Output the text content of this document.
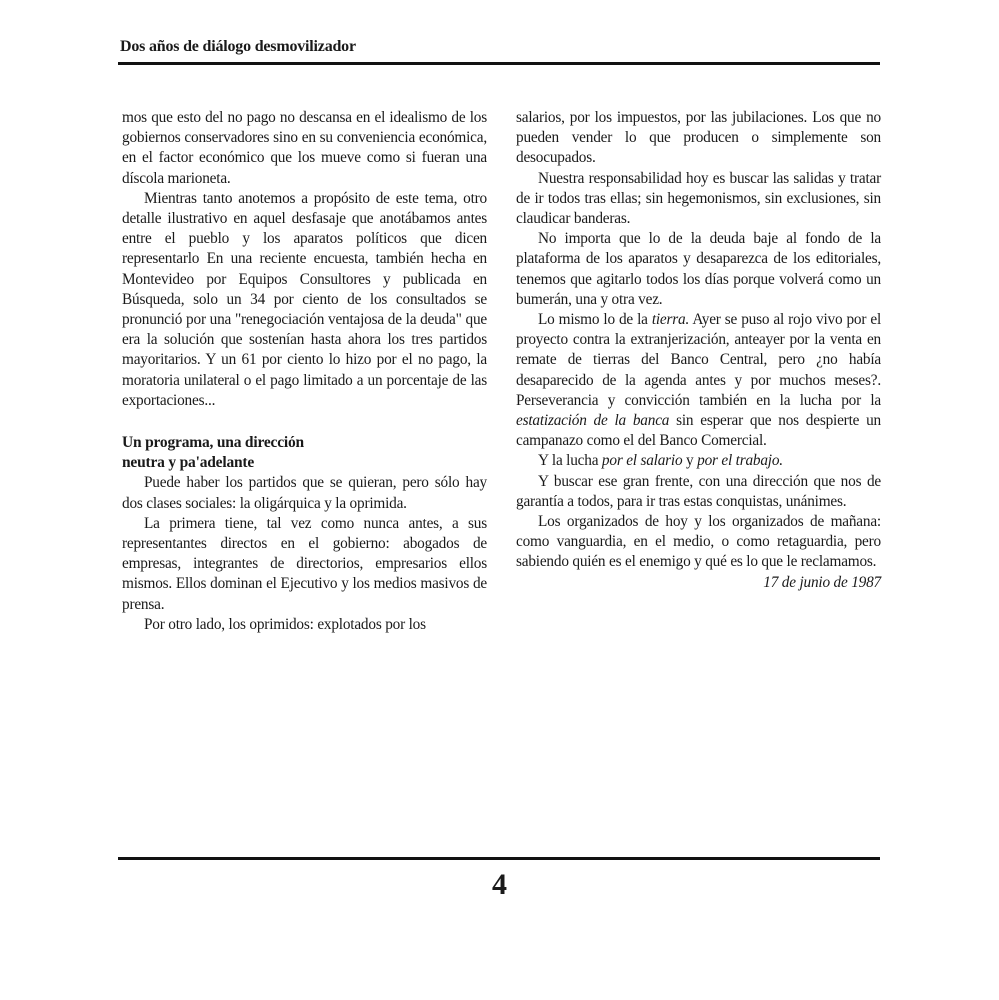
Dos años de diálogo desmovilizador

mos que esto del no pago no descansa en el idealismo de los gobiernos conservadores sino en su conveniencia económica, en el factor económico que los mueve como si fueran una díscola marioneta.

Mientras tanto anotemos a propósito de este tema, otro detalle ilustrativo en aquel desfasaje que anotábamos antes entre el pueblo y los aparatos políticos que dicen representarlo En una reciente encuesta, también hecha en Montevideo por Equipos Consultores y publicada en Búsqueda, solo un 34 por ciento de los consultados se pronunció por una "renegociación ventajosa de la deuda" que era la solución que sostenían hasta ahora los tres partidos mayoritarios. Y un 61 por ciento lo hizo por el no pago, la moratoria unilateral o el pago limitado a un porcentaje de las exportaciones...

Un programa, una dirección
neutra y pa'adelante

Puede haber los partidos que se quieran, pero sólo hay dos clases sociales: la oligárquica y la oprimida.

La primera tiene, tal vez como nunca antes, a sus representantes directos en el gobierno: abogados de empresas, integrantes de directorios, empresarios ellos mismos. Ellos dominan el Ejecutivo y los medios masivos de prensa.

Por otro lado, los oprimidos: explotados por los

salarios, por los impuestos, por las jubilaciones. Los que no pueden vender lo que producen o simplemente son desocupados.

Nuestra responsabilidad hoy es buscar las salidas y tratar de ir todos tras ellas; sin hegemonismos, sin exclusiones, sin claudicar banderas.

No importa que lo de la deuda baje al fondo de la plataforma de los aparatos y desaparezca de los editoriales, tenemos que agitarlo todos los días porque volverá como un bumerán, una y otra vez.

Lo mismo lo de la tierra. Ayer se puso al rojo vivo por el proyecto contra la extranjerización, anteayer por la venta en remate de tierras del Banco Central, pero ¿no había desaparecido de la agenda antes y por muchos meses?. Perseverancia y convicción también en la lucha por la estatización de la banca sin esperar que nos despierte un campanazo como el del Banco Comercial.

Y la lucha por el salario y por el trabajo.

Y buscar ese gran frente, con una dirección que nos de garantía a todos, para ir tras estas conquistas, unánimes.

Los organizados de hoy y los organizados de mañana: como vanguardia, en el medio, o como retaguardia, pero sabiendo quién es el enemigo y qué es lo que le reclamamos.

17 de junio de 1987

4
